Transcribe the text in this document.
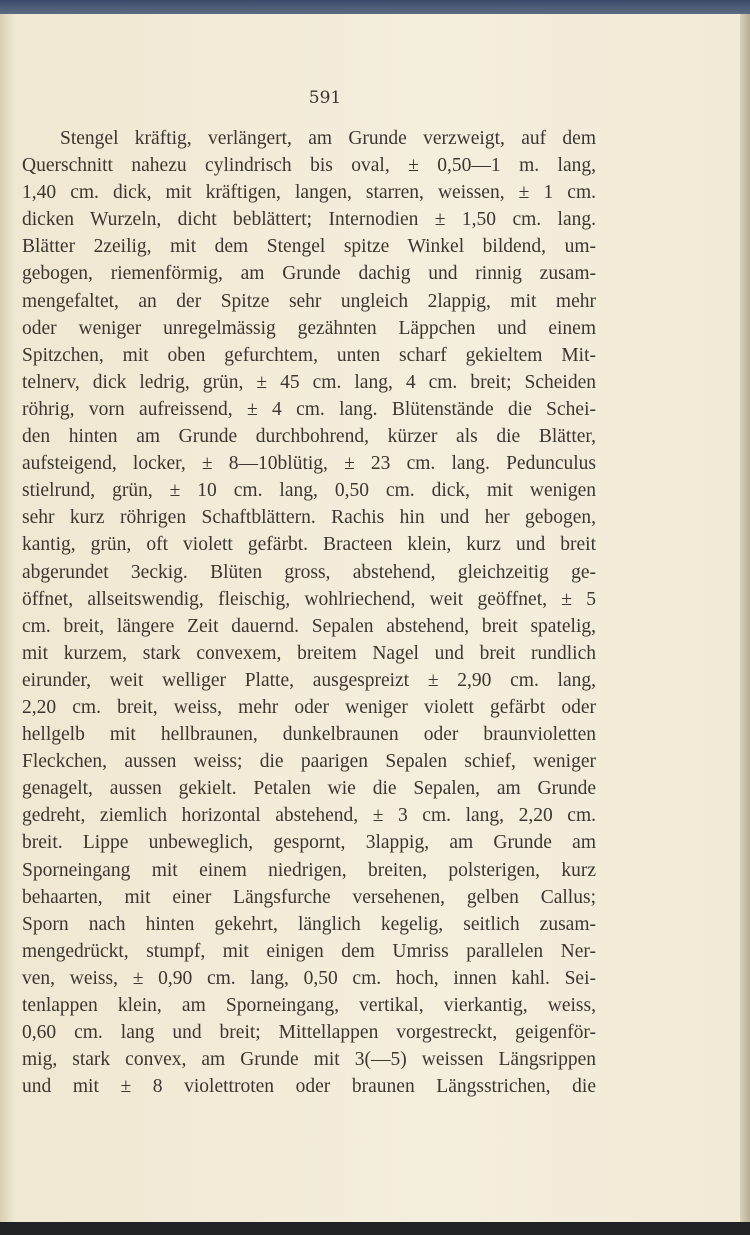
591
Stengel kräftig, verlängert, am Grunde verzweigt, auf dem
Querschnitt nahezu cylindrisch bis oval, ± 0,50—1 m. lang,
1,40 cm. dick, mit kräftigen, langen, starren, weissen, ± 1 cm.
dicken Wurzeln, dicht beblättert; Internodien ± 1,50 cm. lang.
Blätter 2zeilig, mit dem Stengel spitze Winkel bildend, um-
gebogen, riemenförmig, am Grunde dachig und rinnig zusam-
mengefaltet, an der Spitze sehr ungleich 2lappig, mit mehr
oder weniger unregelmässig gezähnten Läppchen und einem
Spitzchen, mit oben gefurchtem, unten scharf gekieltem Mit-
telnerv, dick ledrig, grün, ± 45 cm. lang, 4 cm. breit; Scheiden
röhrig, vorn aufreissend, ± 4 cm. lang. Blütenstände die Schei-
den hinten am Grunde durchbohrend, kürzer als die Blätter,
aufsteigend, locker, ± 8—10blütig, ± 23 cm. lang. Pedunculus
stielrund, grün, ± 10 cm. lang, 0,50 cm. dick, mit wenigen
sehr kurz röhrigen Schaftblättern. Rachis hin und her gebogen,
kantig, grün, oft violett gefärbt. Bracteen klein, kurz und breit
abgerundet 3eckig. Blüten gross, abstehend, gleichzeitig ge-
öffnet, allseitswendig, fleischig, wohlriechend, weit geöffnet, ± 5
cm. breit, längere Zeit dauernd. Sepalen abstehend, breit spatelig,
mit kurzem, stark convexem, breitem Nagel und breit rundlich
eirunder, weit welliger Platte, ausgespreizt ± 2,90 cm. lang,
2,20 cm. breit, weiss, mehr oder weniger violett gefärbt oder
hellgelb mit hellbraunen, dunkelbraunen oder braunvioletten
Fleckchen, aussen weiss; die paarigen Sepalen schief, weniger
genagelt, aussen gekielt. Petalen wie die Sepalen, am Grunde
gedreht, ziemlich horizontal abstehend, ± 3 cm. lang, 2,20 cm.
breit. Lippe unbeweglich, gespornt, 3lappig, am Grunde am
Sporneingang mit einem niedrigen, breiten, polsterigen, kurz
behaarten, mit einer Längsfurche versehenen, gelben Callus;
Sporn nach hinten gekehrt, länglich kegelig, seitlich zusam-
mengedrückt, stumpf, mit einigen dem Umriss parallelen Ner-
ven, weiss, ± 0,90 cm. lang, 0,50 cm. hoch, innen kahl. Sei-
tenlappen klein, am Sporneingang, vertikal, vierkantig, weiss,
0,60 cm. lang und breit; Mittellappen vorgestreckt, geigenför-
mig, stark convex, am Grunde mit 3(—5) weissen Längsrippen
und mit ± 8 violettroten oder braunen Längsstrichen, die
